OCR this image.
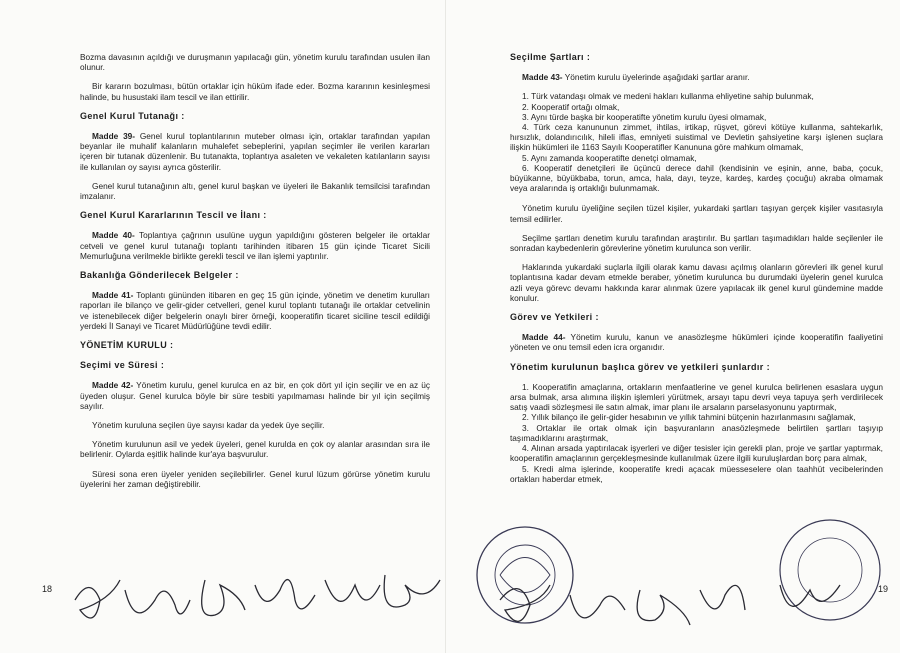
Bozma davasının açıldığı ve duruşmanın yapılacağı gün, yönetim kurulu tarafından usulen ilan olunur.

Bir kararın bozulması, bütün ortaklar için hüküm ifade eder. Bozma kararının kesinleşmesi halinde, bu husustaki ilam tescil ve ilan ettirilir.

Genel Kurul Tutanağı :

Madde 39- Genel kurul toplantılarının muteber olması için, ortaklar tarafından yapılan beyanlar ile muhalif kalanların muhalefet sebeplerini, yapılan seçimler ile verilen kararları içeren bir tutanak düzenlenir. Bu tutanakta, toplantıya asaleten ve vekaleten katılanların sayısı ile kullanılan oy sayısı ayrıca gösterilir.

Genel kurul tutanağının altı, genel kurul başkan ve üyeleri ile Bakanlık temsilcisi tarafından imzalanır.

Genel Kurul Kararlarının Tescil ve İlanı :

Madde 40- Toplantıya çağrının usulüne uygun yapıldığını gösteren belgeler ile ortaklar cetveli ve genel kurul tutanağı toplantı tarihinden itibaren 15 gün içinde Ticaret Sicili Memurluğuna verilmekle birlikte gerekli tescil ve ilan işlemi yaptırılır.

Bakanlığa Gönderilecek Belgeler :

Madde 41- Toplantı gününden itibaren en geç 15 gün içinde, yönetim ve denetim kurulları raporları ile bilanço ve gelir-gider cetvelleri, genel kurul toplantı tutanağı ile ortaklar cetvelinin ve istenebilecek diğer belgelerin onaylı birer örneği, kooperatifin ticaret siciline tescil edildiği yerdeki İl Sanayi ve Ticaret Müdürlüğüne tevdi edilir.

YÖNETİM KURULU :

Seçimi ve Süresi :

Madde 42- Yönetim kurulu, genel kurulca en az bir, en çok dört yıl için seçilir ve en az üç üyeden oluşur. Genel kurulca böyle bir süre tesbiti yapılmaması halinde bir yıl için seçilmiş sayılır.

Yönetim kuruluna seçilen üye sayısı kadar da yedek üye seçilir.

Yönetim kurulunun asil ve yedek üyeleri, genel kurulda en çok oy alanlar arasından sıra ile belirlenir. Oylarda eşitlik halinde kur'aya başvurulur.

Süresi sona eren üyeler yeniden seçilebilirler. Genel kurul lüzum görürse yönetim kurulu üyelerini her zaman değiştirebilir.

18

Seçilme Şartları :

Madde 43- Yönetim kurulu üyelerinde aşağıdaki şartlar aranır.

1. Türk vatandaşı olmak ve medeni hakları kullanma ehliyetine sahip bulunmak,

2. Kooperatif ortağı olmak,

3. Aynı türde başka bir kooperatifte yönetim kurulu üyesi olmamak,

4. Türk ceza kanununun zimmet, ihtilas, irtikap, rüşvet, görevi kötüye kullanma, sahtekarlık, hırsızlık, dolandırıcılık, hileli iflas, emniyeti suistimal ve Devletin şahsiyetine karşı işlenen suçlara ilişkin hükümleri ile 1163 Sayılı Kooperatifler Kanununa göre mahkum olmamak,

5. Aynı zamanda kooperatifte denetçi olmamak,

6. Kooperatif denetçileri ile üçüncü derece dahil (kendisinin ve eşinin, anne, baba, çocuk, büyükanne, büyükbaba, torun, amca, hala, dayı, teyze, kardeş, kardeş çocuğu) akraba olmamak veya aralarında iş ortaklığı bulunmamak.

Yönetim kurulu üyeliğine seçilen tüzel kişiler, yukardaki şartları taşıyan gerçek kişiler vasıtasıyla temsil edilirler.

Seçilme şartları denetim kurulu tarafından araştırılır. Bu şartları taşımadıkları halde seçilenler ile sonradan kaybedenlerin görevlerine yönetim kurulunca son verilir.

Haklarında yukardaki suçlarla ilgili olarak kamu davası açılmış olanların görevleri ilk genel kurul toplantısına kadar devam etmekle beraber, yönetim kurulunca bu durumdaki üyelerin genel kurulca azli veya görevc devamı hakkında karar alınmak üzere yapılacak ilk genel kurul gündemine madde konulur.

Görev ve Yetkileri :

Madde 44- Yönetim kurulu, kanun ve anasözleşme hükümleri içinde kooperatifin faaliyetini yöneten ve onu temsil eden icra organıdır.

Yönetim kurulunun başlıca görev ve yetkileri şunlardır :

1. Kooperatifin amaçlarına, ortakların menfaatlerine ve genel kurulca belirlenen esaslara uygun arsa bulmak, arsa alımına ilişkin işlemleri yürütmek, arsayı tapu devri veya tapuya şerh verdirilecek satış vaadi sözleşmesi ile satın almak, imar planı ile arsaların parselasyonunu yaptırmak,

2. Yıllık bilanço ile gelir-gider hesabının ve yıllık tahmini bütçenin hazırlanmasını sağlamak,

3. Ortaklar ile ortak olmak için başvuranların anasözleşmede belirtilen şartları taşıyıp taşımadıklarını araştırmak,

4. Alınan arsada yaptırılacak işyerleri ve diğer tesisler için gerekli plan, proje ve şartlar yaptırmak, kooperatifin amaçlarının gerçekleşmesinde kullanılmak üzere ilgili kuruluşlardan borç para almak,

5. Kredi alma işlerinde, kooperatife kredi açacak müesseselere olan taahhüt vecibelerinden ortakları haberdar etmek,

19
